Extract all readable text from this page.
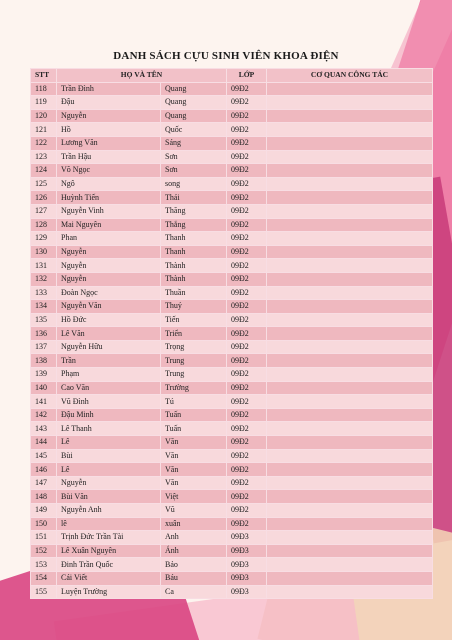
DANH SÁCH CỰU SINH VIÊN KHOA ĐIỆN
STT	HỌ VÀ TÊN		LỚP	CƠ QUAN CÔNG TÁC
118	Trần Đình	Quang	09Đ2	
119	Đậu	Quang	09Đ2	
120	Nguyễn	Quang	09Đ2	
121	Hồ	Quốc	09Đ2	
122	Lương Văn	Sáng	09Đ2	
123	Trần Hậu	Sơn	09Đ2	
124	Võ Ngọc	Sơn	09Đ2	
125	Ngô	song	09Đ2	
126	Huỳnh Tiến	Thái	09Đ2	
127	Nguyễn Vinh	Thăng	09Đ2	
128	Mai Nguyên	Thắng	09Đ2	
129	Phan	Thanh	09Đ2	
130	Nguyễn	Thanh	09Đ2	
131	Nguyễn	Thành	09Đ2	
132	Nguyễn	Thành	09Đ2	
133	Đoàn Ngọc	Thuần	09Đ2	
134	Nguyễn Văn	Thuý	09Đ2	
135	Hồ Đức	Tiến	09Đ2	
136	Lê Văn	Triển	09Đ2	
137	Nguyễn Hữu	Trọng	09Đ2	
138	Trần	Trung	09Đ2	
139	Phạm	Trung	09Đ2	
140	Cao Văn	Trường	09Đ2	
141	Vũ Đình	Tú	09Đ2	
142	Đậu Minh	Tuấn	09Đ2	
143	Lê Thanh	Tuấn	09Đ2	
144	Lê	Văn	09Đ2	
145	Bùi	Văn	09Đ2	
146	Lê	Văn	09Đ2	
147	Nguyễn	Văn	09Đ2	
148	Bùi Văn	Việt	09Đ2	
149	Nguyễn Anh	Vũ	09Đ2	
150	lê	xuân	09Đ2	
151	Trịnh Đức Trần Tài	Anh	09Đ3	
152	Lê Xuân Nguyên	Ánh	09Đ3	
153	Đinh Trần Quốc	Bảo	09Đ3	
154	Cái Viết	Báu	09Đ3	
155	Luyện Trường	Ca	09Đ3	
